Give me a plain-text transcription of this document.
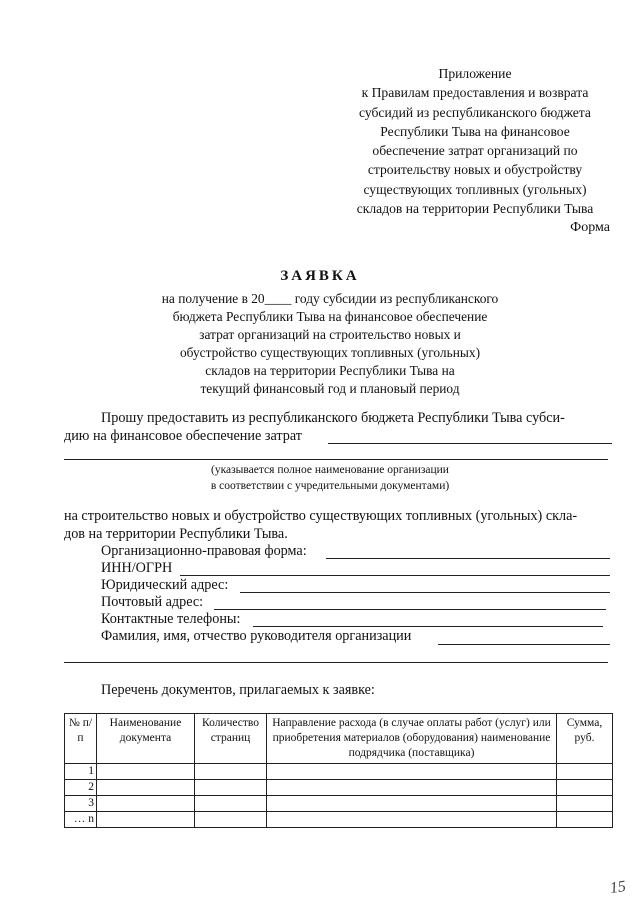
Приложение
к Правилам предоставления и возврата
субсидий из республиканского бюджета
Республики Тыва на финансовое
обеспечение затрат организаций по
строительству новых и обустройству
существующих топливных (угольных)
складов на территории Республики Тыва
Форма
ЗАЯВКА
на получение в 20____ году субсидии из республиканского
бюджета Республики Тыва на финансовое обеспечение
затрат организаций на строительство новых и
обустройство существующих топливных (угольных)
складов на территории Республики Тыва на
текущий финансовый год и плановый период
Прошу предоставить из республиканского бюджета Республики Тыва субси-
дию на финансовое обеспечение затрат
(указывается полное наименование организации
в соответствии с учредительными документами)
на строительство новых и обустройство существующих топливных (угольных) скла-
дов на территории Республики Тыва.
Организационно-правовая форма:
ИНН/ОГРН
Юридический адрес:
Почтовый адрес:
Контактные телефоны:
Фамилия, имя, отчество руководителя организации
Перечень документов, прилагаемых к заявке:
№ п/п	Наименование документа	Количество страниц	Направление расхода (в случае оплаты работ (услуг) или приобретения материалов (оборудования) наименование подрядчика (поставщика)	Сумма, руб.
1				
2				
3				
… n				
15
